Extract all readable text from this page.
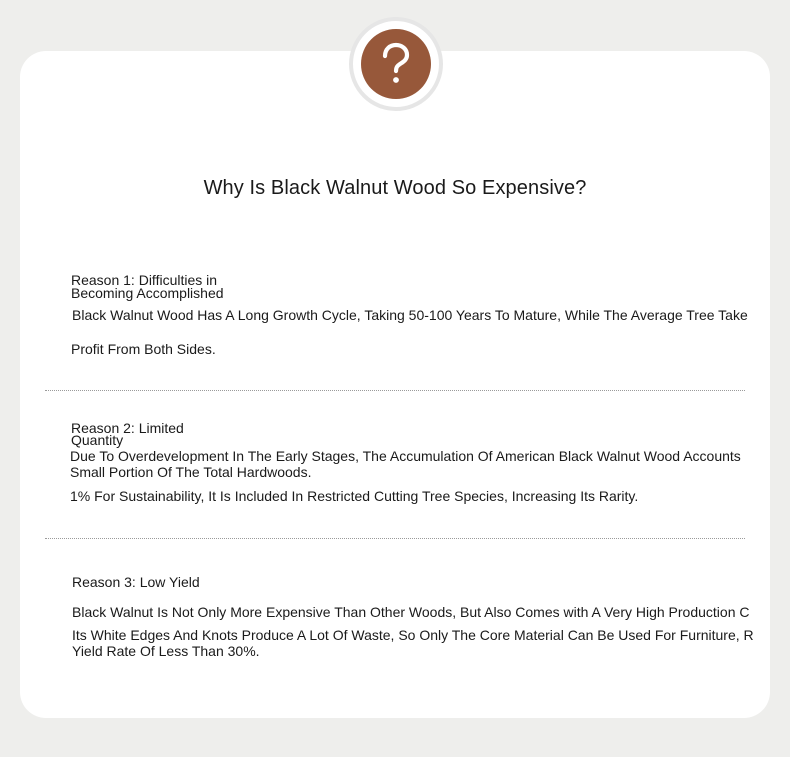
Why Is Black Walnut Wood So Expensive?
Reason 1: Difficulties in
Becoming Accomplished
Black Walnut Wood Has A Long Growth Cycle, Taking 50-100 Years To Mature, While The Average Tree Take
Profit From Both Sides.
Reason 2: Limited
Quantity
Due To Overdevelopment In The Early Stages, The Accumulation Of American Black Walnut Wood Accounts
Small Portion Of The Total Hardwoods.
1% For Sustainability, It Is Included In Restricted Cutting Tree Species, Increasing Its Rarity.
Reason 3: Low Yield
Black Walnut Is Not Only More Expensive Than Other Woods, But Also Comes with A Very High Production C
Its White Edges And Knots Produce A Lot Of Waste, So Only The Core Material Can Be Used For Furniture, R
Yield Rate Of Less Than 30%.
